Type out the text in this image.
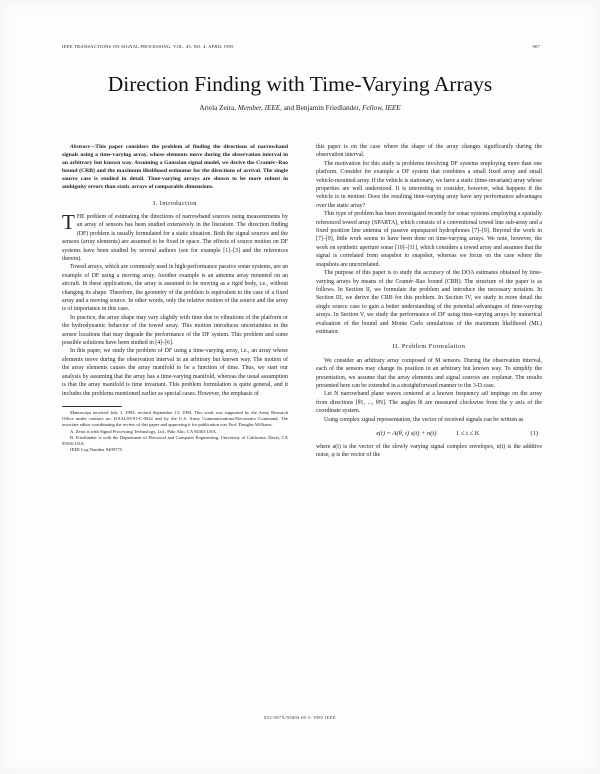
IEEE TRANSACTIONS ON SIGNAL PROCESSING, VOL. 43, NO. 4, APRIL 1995	907
Direction Finding with Time-Varying Arrays
Ariela Zeira, Member, IEEE, and Benjamin Friedlander, Fellow, IEEE

Abstract—This paper considers the problem of finding the directions of narrowband signals using a time-varying array, whose elements move during the observation interval in an arbitrary but known way. Assuming a Gaussian signal model, we derive the Cramér–Rao bound (CRB) and the maximum likelihood estimator for the directions of arrival. The single source case is studied in detail. Time-varying arrays are shown to be more robust in ambiguity errors than static arrays of comparable dimensions.

I. Introduction

THE problem of estimating the directions of narrowband sources using measurements by an array of sensors has been studied extensively in the literature. The direction finding (DF) problem is usually formulated for a static situation. Both the signal sources and the sensors (array elements) are assumed to be fixed in space. The effects of source motion on DF systems have been studied by several authors (see for example [1]–[3] and the references therein).

Towed arrays, which are commonly used in high-performance passive sonar systems, are an example of DF using a moving array. Another example is an antenna array mounted on an aircraft. In these applications, the array is assumed to be moving as a rigid body, i.e., without changing its shape. Therefore, the geometry of the problem is equivalent to the case of a fixed array and a moving source. In other words, only the relative motion of the source and the array is of importance in this case.

In practice, the array shape may vary slightly with time due to vibrations of the platform or the hydrodynamic behavior of the towed array. This motion introduces uncertainties in the sensor locations that may degrade the performance of the DF system. This problem and some possible solutions have been studied in [4]–[6].

In this paper, we study the problem of DF using a time-varying array, i.e., an array whose elements move during the observation interval in an arbitrary but known way. The motion of the array elements causes the array manifold to be a function of time. Thus, we start our analysis by assuming that the array has a time-varying manifold, whereas the usual assumption is that the array manifold is time invariant. This problem formulation is quite general, and it includes the problems mentioned earlier as special cases. However, the emphasis of

Manuscript received July 1, 1993; revised September 13, 1994. This work was supported by the Army Research Office under contract no. DAAL03-91-C-0022 and by the U.S. Army Communications-Electronics Command. The associate editor coordinating the review of this paper and approving it for publication was Prof. Douglas Williams.

A. Zeira is with Signal Processing Technology, Ltd., Palo Alto, CA 94303 USA.

B. Friedlander is with the Department of Electrical and Computer Engineering, University of California, Davis, CA 95616 USA.

IEEE Log Number 9409775.

this paper is on the case where the shape of the array changes significantly during the observation interval.

The motivation for this study is problems involving DF systems employing more than one platform. Consider for example a DF system that combines a small fixed array and small vehicle-mounted array. If the vehicle is stationary, we have a static (time-invariant) array whose properties are well understood. It is interesting to consider, however, what happens if the vehicle is in motion: Does the resulting time-varying array have any performance advantages over the static array?

This type of problem has been investigated recently for sonar systems employing a spatially referenced towed array (SPARTA), which consists of a conventional towed line sub-array and a fixed position line antenna of passive equispaced hydrophones [7]–[9]. Beyond the work in [7]–[9], little work seems to have been done on time-varying arrays. We note, however, the work on synthetic aperture sonar [10]–[11], which considers a towed array and assumes that the signal is correlated from snapshot to snapshot, whereas we focus on the case where the snapshots are uncorrelated.

The purpose of this paper is to study the accuracy of the DOA estimates obtained by time-varying arrays by means of the Cramér–Rao bound (CRB). The structure of the paper is as follows. In Section II, we formulate the problem and introduce the necessary notation. In Section III, we derive the CRB for this problem. In Section IV, we study in more detail the single source case to gain a better understanding of the potential advantages of time-varying arrays. In Section V, we study the performance of DF using time-varying arrays by numerical evaluation of the bound and Monte Carlo simulations of the maximum likelihood (ML) estimator.

II. Problem Formulation

We consider an arbitrary array composed of M sensors. During the observation interval, each of the sensors may change its position in an arbitrary but known way. To simplify the presentation, we assume that the array elements and signal sources are coplanar. The results presented here can be extended in a straightforward manner to the 3-D case.

Let N narrowband plane waves centered at a known frequency ω0 impinge on the array from directions [θ1, ..., θN]. The angles θi are measured clockwise from the y axis of the coordinate system.

Using complex signal representation, the vector of received signals can be written as

x(t) = A(θ, t) s(t) + n(t)	1 ≤ t ≤ K	(1)

where a(t) is the vector of the slowly varying signal complex envelopes, n(t) is the additive noise, φ is the vector of the

053-587X/95$04.00 © 1995 IEEE
